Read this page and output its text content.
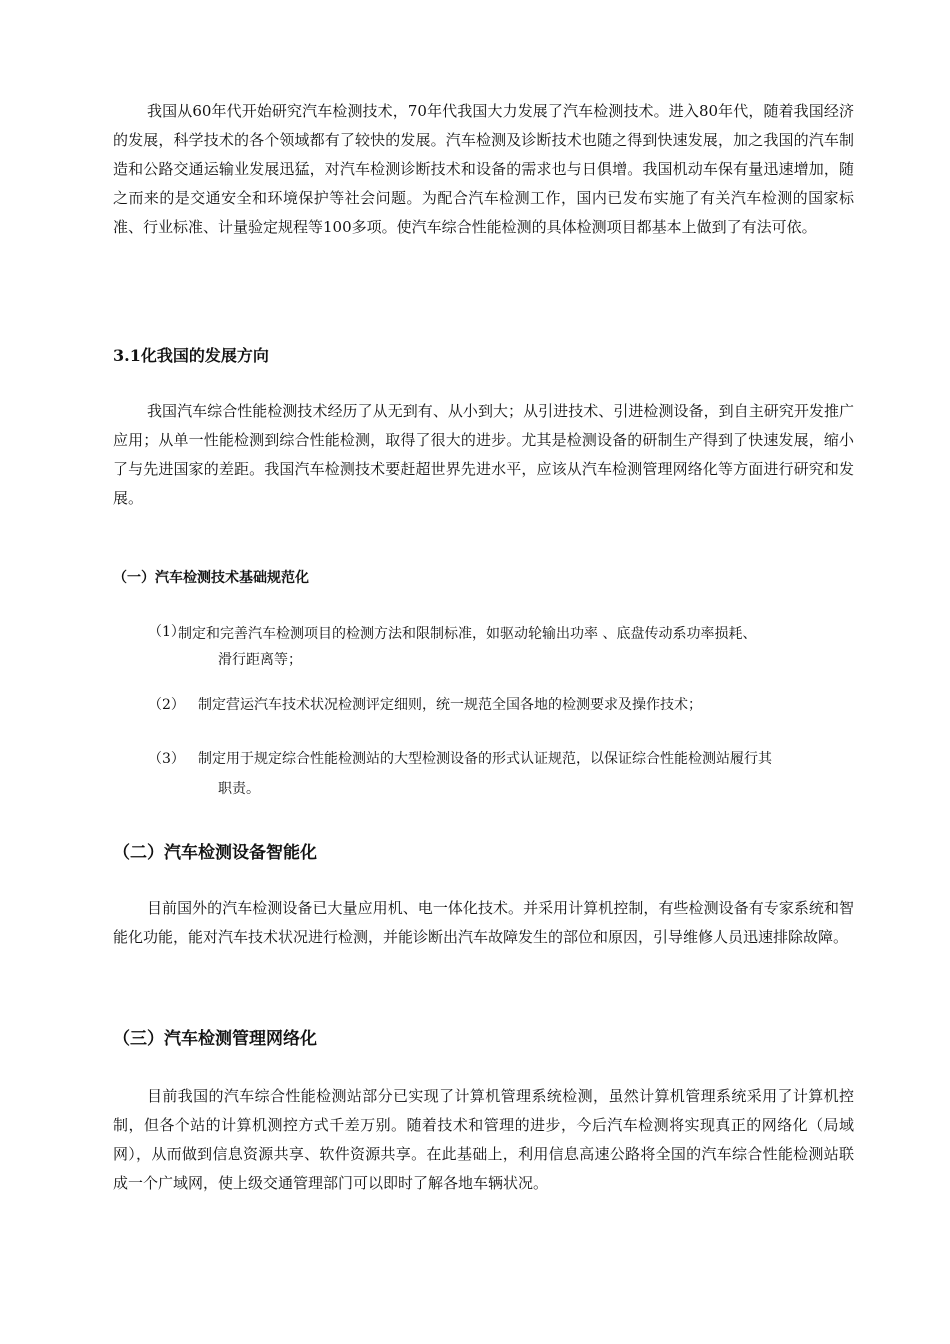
我国从60年代开始研究汽车检测技术，70年代我国大力发展了汽车检测技术。进入80年代，随着我国经济的发展，科学技术的各个领域都有了较快的发展。汽车检测及诊断技术也随之得到快速发展，加之我国的汽车制造和公路交通运输业发展迅猛，对汽车检测诊断技术和设备的需求也与日俱增。我国机动车保有量迅速增加，随之而来的是交通安全和环境保护等社会问题。为配合汽车检测工作，国内已发布实施了有关汽车检测的国家标准、行业标准、计量验定规程等100多项。使汽车综合性能检测的具体检测项目都基本上做到了有法可依。

3.1化我国的发展方向

我国汽车综合性能检测技术经历了从无到有、从小到大；从引进技术、引进检测设备，到自主研究开发推广应用；从单一性能检测到综合性能检测，取得了很大的进步。尤其是检测设备的研制生产得到了快速发展，缩小了与先进国家的差距。我国汽车检测技术要赶超世界先进水平，应该从汽车检测管理网络化等方面进行研究和发展。

（一）汽车检测技术基础规范化
（1）
制定和完善汽车检测项目的检测方法和限制标准，如驱动轮输出功率 、底盘传动系功率损耗、
滑行距离等；
（2） 制定营运汽车技术状况检测评定细则，统一规范全国各地的检测要求及操作技术；
（3） 制定用于规定综合性能检测站的大型检测设备的形式认证规范，以保证综合性能检测站履行其
职责。
（二）汽车检测设备智能化

目前国外的汽车检测设备已大量应用机、电一体化技术。并采用计算机控制，有些检测设备有专家系统和智能化功能，能对汽车技术状况进行检测，并能诊断出汽车故障发生的部位和原因，引导维修人员迅速排除故障。

（三）汽车检测管理网络化

目前我国的汽车综合性能检测站部分已实现了计算机管理系统检测，虽然计算机管理系统采用了计算机控制，但各个站的计算机测控方式千差万别。随着技术和管理的进步，今后汽车检测将实现真正的网络化（局域网），从而做到信息资源共享、软件资源共享。在此基础上，利用信息高速公路将全国的汽车综合性能检测站联成一个广域网，使上级交通管理部门可以即时了解各地车辆状况。
